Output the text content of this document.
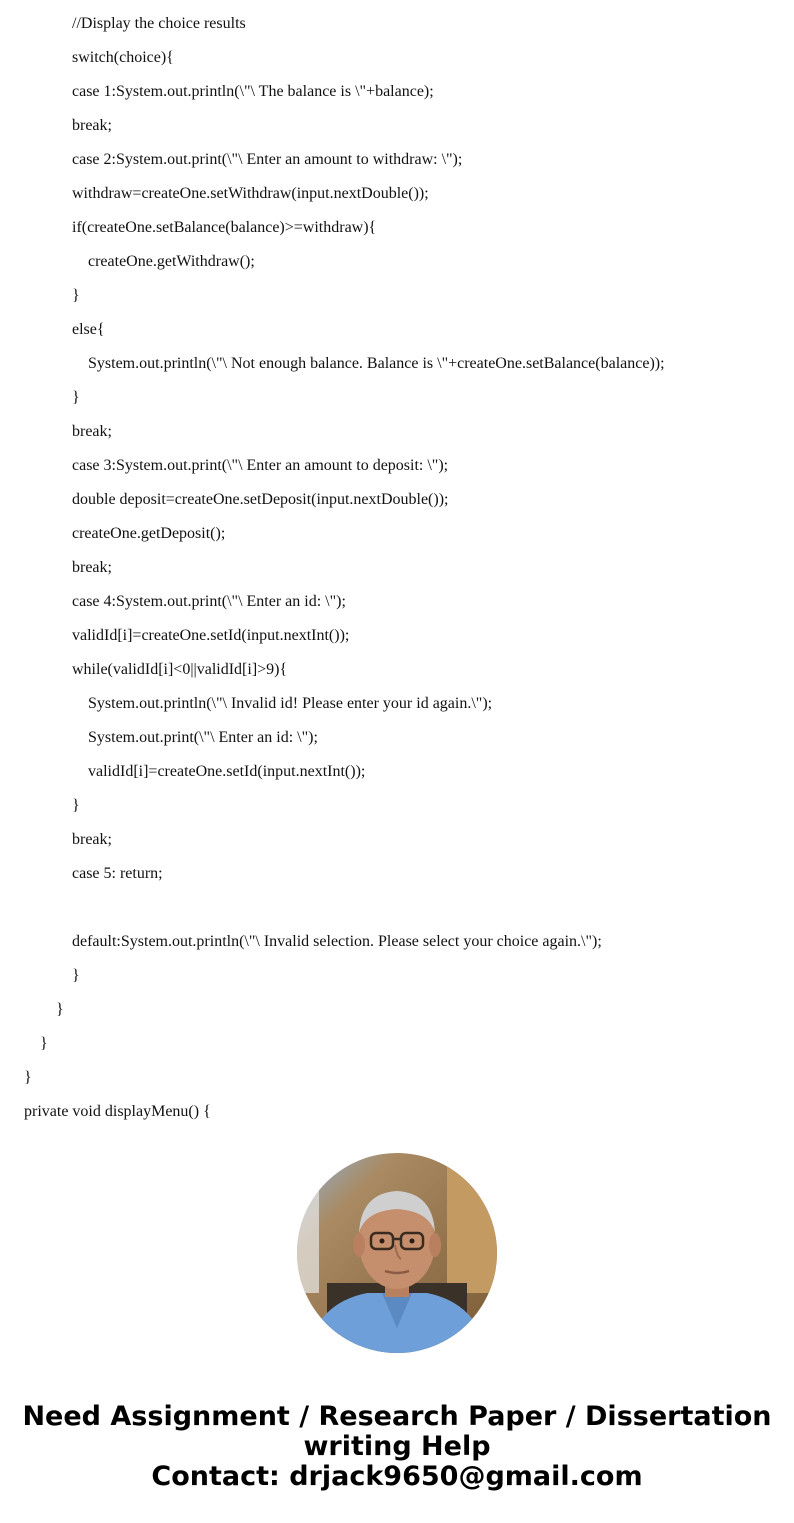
//Display the choice results
switch(choice){
case 1:System.out.println(\"\ The balance is \"+balance);
break;
case 2:System.out.print(\"\ Enter an amount to withdraw: \");
withdraw=createOne.setWithdraw(input.nextDouble());
if(createOne.setBalance(balance)>=withdraw){
createOne.getWithdraw();
}
else{
System.out.println(\"\ Not enough balance. Balance is \"+createOne.setBalance(balance));
}
break;
case 3:System.out.print(\"\ Enter an amount to deposit: \");
double deposit=createOne.setDeposit(input.nextDouble());
createOne.getDeposit();
break;
case 4:System.out.print(\"\ Enter an id: \");
validId[i]=createOne.setId(input.nextInt());
while(validId[i]<0||validId[i]>9){
System.out.println(\"\ Invalid id! Please enter your id again.\");
System.out.print(\"\ Enter an id: \");
validId[i]=createOne.setId(input.nextInt());
}
break;
case 5: return;
default:System.out.println(\"\ Invalid selection. Please select your choice again.\");
}
}
}
}
private void displayMenu() {
Need Assignment / Research Paper / Dissertation
writing Help
Contact: drjack9650@gmail.com
